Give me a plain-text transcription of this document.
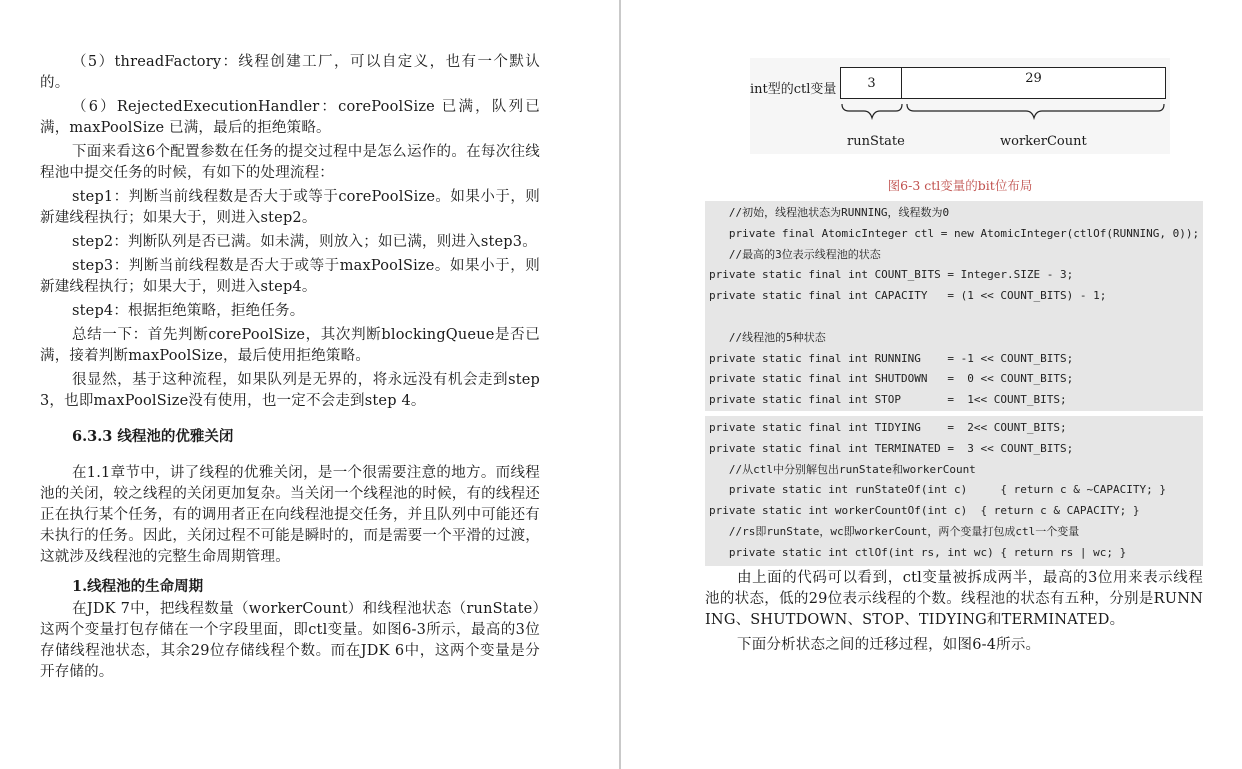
（5）threadFactory：线程创建工厂，可以自定义，也有一个默认的。

（6）RejectedExecutionHandler：corePoolSize 已满，队列已满，maxPoolSize 已满，最后的拒绝策略。

下面来看这6个配置参数在任务的提交过程中是怎么运作的。在每次往线程池中提交任务的时候，有如下的处理流程：

step1：判断当前线程数是否大于或等于corePoolSize。如果小于，则新建线程执行；如果大于，则进入step2。

step2：判断队列是否已满。如未满，则放入；如已满，则进入step3。

step3：判断当前线程数是否大于或等于maxPoolSize。如果小于，则新建线程执行；如果大于，则进入step4。

step4：根据拒绝策略，拒绝任务。

总结一下：首先判断corePoolSize，其次判断blockingQueue是否已满，接着判断maxPoolSize，最后使用拒绝策略。

很显然，基于这种流程，如果队列是无界的，将永远没有机会走到step 3，也即maxPoolSize没有使用，也一定不会走到step 4。

6.3.3 线程池的优雅关闭

在1.1章节中，讲了线程的优雅关闭，是一个很需要注意的地方。而线程池的关闭，较之线程的关闭更加复杂。当关闭一个线程池的时候，有的线程还正在执行某个任务，有的调用者正在向线程池提交任务，并且队列中可能还有未执行的任务。因此，关闭过程不可能是瞬时的，而是需要一个平滑的过渡，这就涉及线程池的完整生命周期管理。

1.线程池的生命周期

在JDK 7中，把线程数量（workerCount）和线程池状态（runState）这两个变量打包存储在一个字段里面，即ctl变量。如图6-3所示，最高的3位存储线程池状态，其余29位存储线程个数。而在JDK 6中，这两个变量是分开存储的。

int型的ctl变量 3	29
runState	workerCount
图6-3 ctl变量的bit位布局
//初始，线程池状态为RUNNING，线程数为0
private final AtomicInteger ctl = new AtomicInteger(ctlOf(RUNNING, 0));
//最高的3位表示线程池的状态
private static final int COUNT_BITS = Integer.SIZE - 3;
private static final int CAPACITY   = (1 << COUNT_BITS) - 1;
//线程池的5种状态
private static final int RUNNING    = -1 << COUNT_BITS;
private static final int SHUTDOWN   =  0 << COUNT_BITS;
private static final int STOP       =  1<< COUNT_BITS;
private static final int TIDYING    =  2<< COUNT_BITS;
private static final int TERMINATED =  3 << COUNT_BITS;
//从ctl中分别解包出runState和workerCount
private static int runStateOf(int c)     { return c & ~CAPACITY; }
private static int workerCountOf(int c)  { return c & CAPACITY; }
//rs即runState，wc即workerCount，两个变量打包成ctl一个变量
private static int ctlOf(int rs, int wc) { return rs | wc; }

由上面的代码可以看到，ctl变量被拆成两半，最高的3位用来表示线程池的状态，低的29位表示线程的个数。线程池的状态有五种，分别是RUNNING、SHUTDOWN、STOP、TIDYING和TERMINATED。

下面分析状态之间的迁移过程，如图6-4所示。
